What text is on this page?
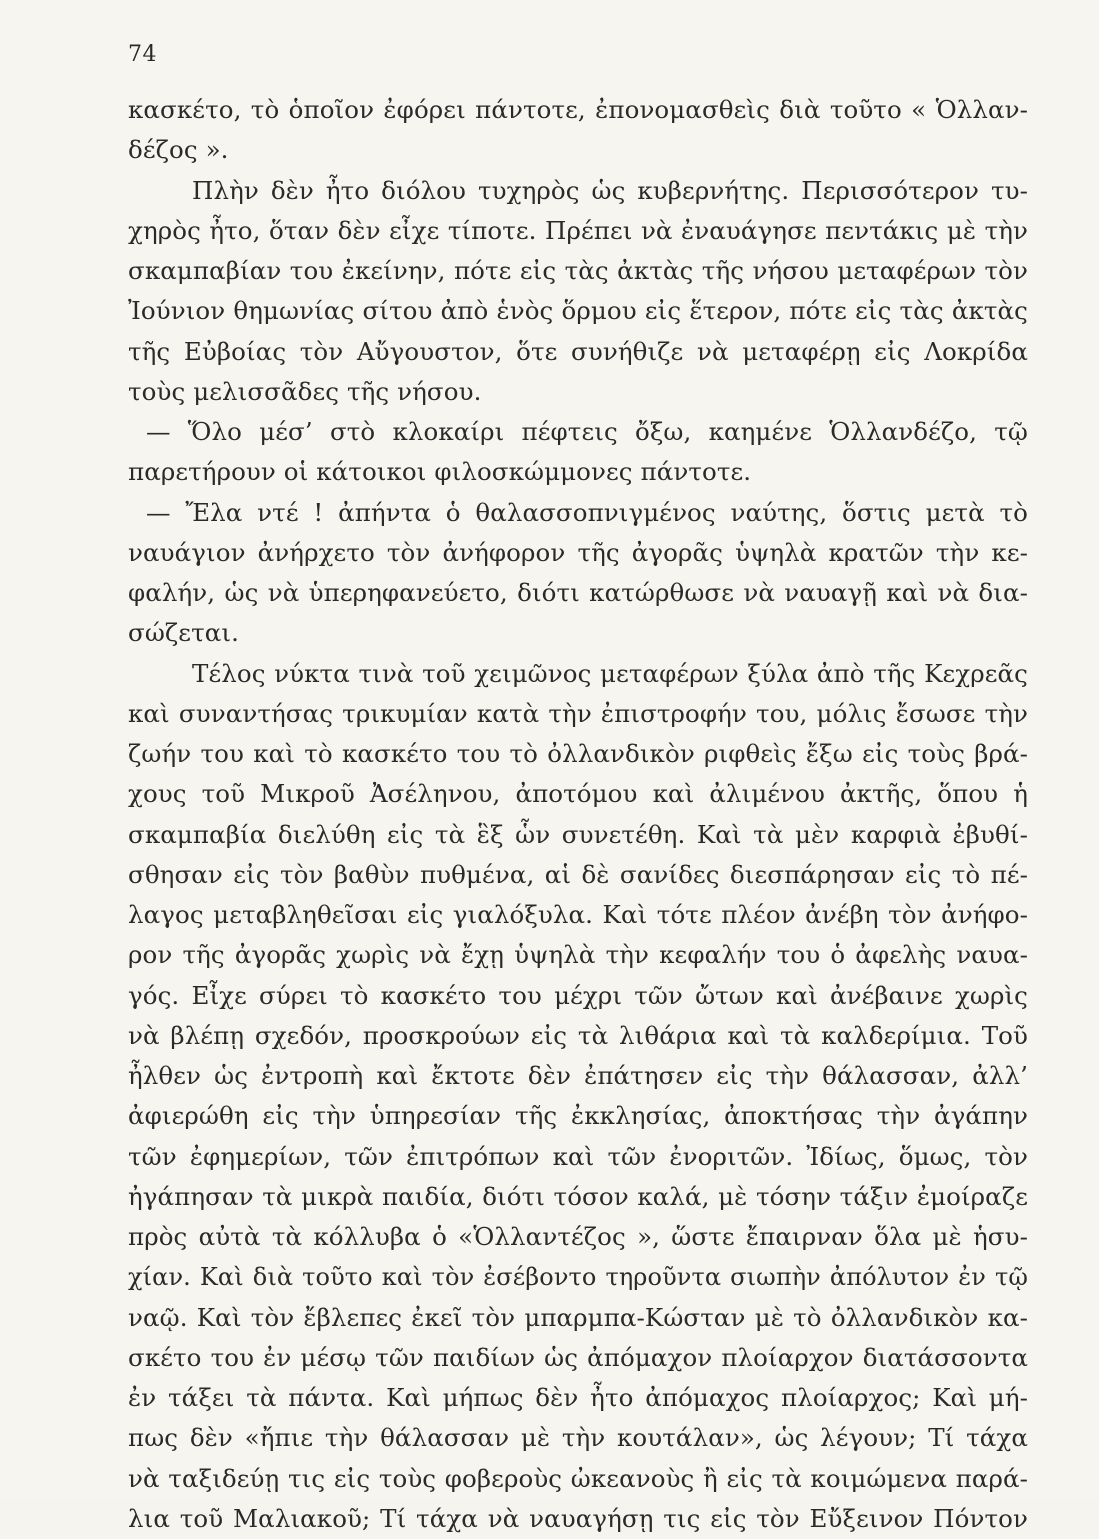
74
κασκέτο, τὸ ὁποῖον ἐφόρει πάντοτε, ἐπονομασθεὶς διὰ τοῦτο « Ὁλλαν-
δέζος ».
Πλὴν δὲν ἦτο διόλου τυχηρὸς ὡς κυβερνήτης. Περισσότερον τυ-
χηρὸς ἦτο, ὅταν δὲν εἶχε τίποτε. Πρέπει νὰ ἐναυάγησε πεντάκις μὲ τὴν
σκαμπαβίαν του ἐκείνην, πότε εἰς τὰς ἀκτὰς τῆς νήσου μεταφέρων τὸν
Ἰούνιον θημωνίας σίτου ἀπὸ ἑνὸς ὅρμου εἰς ἕτερον, πότε εἰς τὰς ἀκτὰς
τῆς Εὐβοίας τὸν Αὔγουστον, ὅτε συνήθιζε νὰ μεταφέρῃ εἰς Λοκρίδα
τοὺς μελισσᾶδες τῆς νήσου.
— Ὅλο μέσ’ στὸ κλοκαίρι πέφτεις ὄξω, καημένε Ὁλλανδέζο, τῷ
παρετήρουν οἱ κάτοικοι φιλοσκώμμονες πάντοτε.
— Ἔλα ντέ ! ἀπήντα ὁ θαλασσοπνιγμένος ναύτης, ὅστις μετὰ τὸ
ναυάγιον ἀνήρχετο τὸν ἀνήφορον τῆς ἀγορᾶς ὑψηλὰ κρατῶν τὴν κε-
φαλήν, ὡς νὰ ὑπερηφανεύετο, διότι κατώρθωσε νὰ ναυαγῇ καὶ νὰ δια-
σώζεται.
Τέλος νύκτα τινὰ τοῦ χειμῶνος μεταφέρων ξύλα ἀπὸ τῆς Κεχρεᾶς
καὶ συναντήσας τρικυμίαν κατὰ τὴν ἐπιστροφήν του, μόλις ἔσωσε τὴν
ζωήν του καὶ τὸ κασκέτο του τὸ ὀλλανδικὸν ριφθεὶς ἔξω εἰς τοὺς βρά-
χους τοῦ Μικροῦ Ἀσέληνου, ἀποτόμου καὶ ἀλιμένου ἀκτῆς, ὅπου ἡ
σκαμπαβία διελύθη εἰς τὰ ἓξ ὧν συνετέθη. Καὶ τὰ μὲν καρφιὰ ἐβυθί-
σθησαν εἰς τὸν βαθὺν πυθμένα, αἱ δὲ σανίδες διεσπάρησαν εἰς τὸ πέ-
λαγος μεταβληθεῖσαι εἰς γιαλόξυλα. Καὶ τότε πλέον ἀνέβη τὸν ἀνήφο-
ρον τῆς ἀγορᾶς χωρὶς νὰ ἔχῃ ὑψηλὰ τὴν κεφαλήν του ὁ ἀφελὴς ναυα-
γός. Εἶχε σύρει τὸ κασκέτο του μέχρι τῶν ὤτων καὶ ἀνέβαινε χωρὶς
νὰ βλέπῃ σχεδόν, προσκρούων εἰς τὰ λιθάρια καὶ τὰ καλδερίμια. Τοῦ
ἦλθεν ὡς ἐντροπὴ καὶ ἔκτοτε δὲν ἐπάτησεν εἰς τὴν θάλασσαν, ἀλλ’
ἀφιερώθη εἰς τὴν ὑπηρεσίαν τῆς ἐκκλησίας, ἀποκτήσας τὴν ἀγάπην
τῶν ἐφημερίων, τῶν ἐπιτρόπων καὶ τῶν ἐνοριτῶν. Ἰδίως, ὅμως, τὸν
ἠγάπησαν τὰ μικρὰ παιδία, διότι τόσον καλά, μὲ τόσην τάξιν ἐμοίραζε
πρὸς αὐτὰ τὰ κόλλυβα ὁ «Ὁλλαντέζος », ὥστε ἔπαιρναν ὅλα μὲ ἡσυ-
χίαν. Καὶ διὰ τοῦτο καὶ τὸν ἐσέβοντο τηροῦντα σιωπὴν ἀπόλυτον ἐν τῷ
ναῷ. Καὶ τὸν ἔβλεπες ἐκεῖ τὸν μπαρμπα-Κώσταν μὲ τὸ ὀλλανδικὸν κα-
σκέτο του ἐν μέσῳ τῶν παιδίων ὡς ἀπόμαχον πλοίαρχον διατάσσοντα
ἐν τάξει τὰ πάντα. Καὶ μήπως δὲν ἦτο ἀπόμαχος πλοίαρχος; Καὶ μή-
πως δὲν «ἤπιε τὴν θάλασσαν μὲ τὴν κουτάλαν», ὡς λέγουν; Τί τάχα
νὰ ταξιδεύῃ τις εἰς τοὺς φοβεροὺς ὠκεανοὺς ἢ εἰς τὰ κοιμώμενα παρά-
λια τοῦ Μαλιακοῦ; Τί τάχα νὰ ναυαγήσῃ τις εἰς τὸν Εὔξεινον Πόντον
